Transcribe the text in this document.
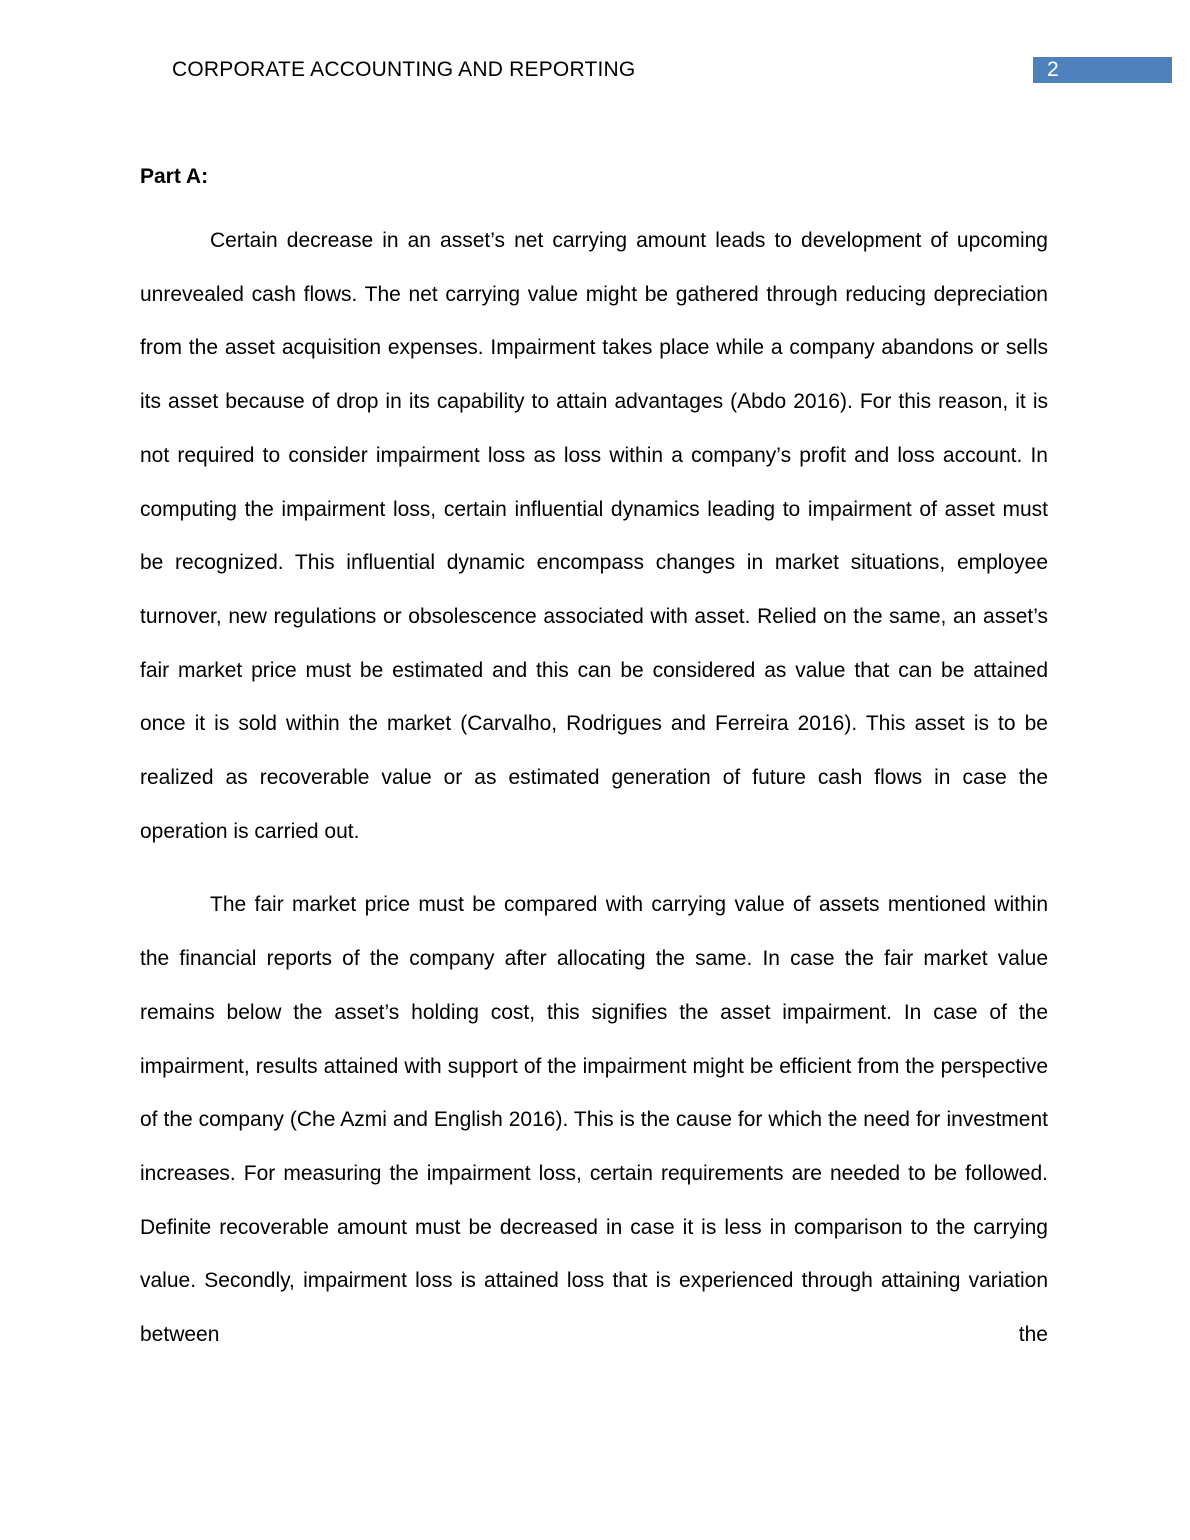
CORPORATE ACCOUNTING AND REPORTING	2
Part A:

Certain decrease in an asset’s net carrying amount leads to development of upcoming unrevealed cash flows. The net carrying value might be gathered through reducing depreciation from the asset acquisition expenses. Impairment takes place while a company abandons or sells its asset because of drop in its capability to attain advantages (Abdo 2016). For this reason, it is not required to consider impairment loss as loss within a company’s profit and loss account. In computing the impairment loss, certain influential dynamics leading to impairment of asset must be recognized. This influential dynamic encompass changes in market situations, employee turnover, new regulations or obsolescence associated with asset. Relied on the same, an asset’s fair market price must be estimated and this can be considered as value that can be attained once it is sold within the market (Carvalho, Rodrigues and Ferreira 2016). This asset is to be realized as recoverable value or as estimated generation of future cash flows in case the operation is carried out.

The fair market price must be compared with carrying value of assets mentioned within the financial reports of the company after allocating the same. In case the fair market value remains below the asset’s holding cost, this signifies the asset impairment. In case of the impairment, results attained with support of the impairment might be efficient from the perspective of the company (Che Azmi and English 2016). This is the cause for which the need for investment increases. For measuring the impairment loss, certain requirements are needed to be followed. Definite recoverable amount must be decreased in case it is less in comparison to the carrying value. Secondly, impairment loss is attained loss that is experienced through attaining variation between the
